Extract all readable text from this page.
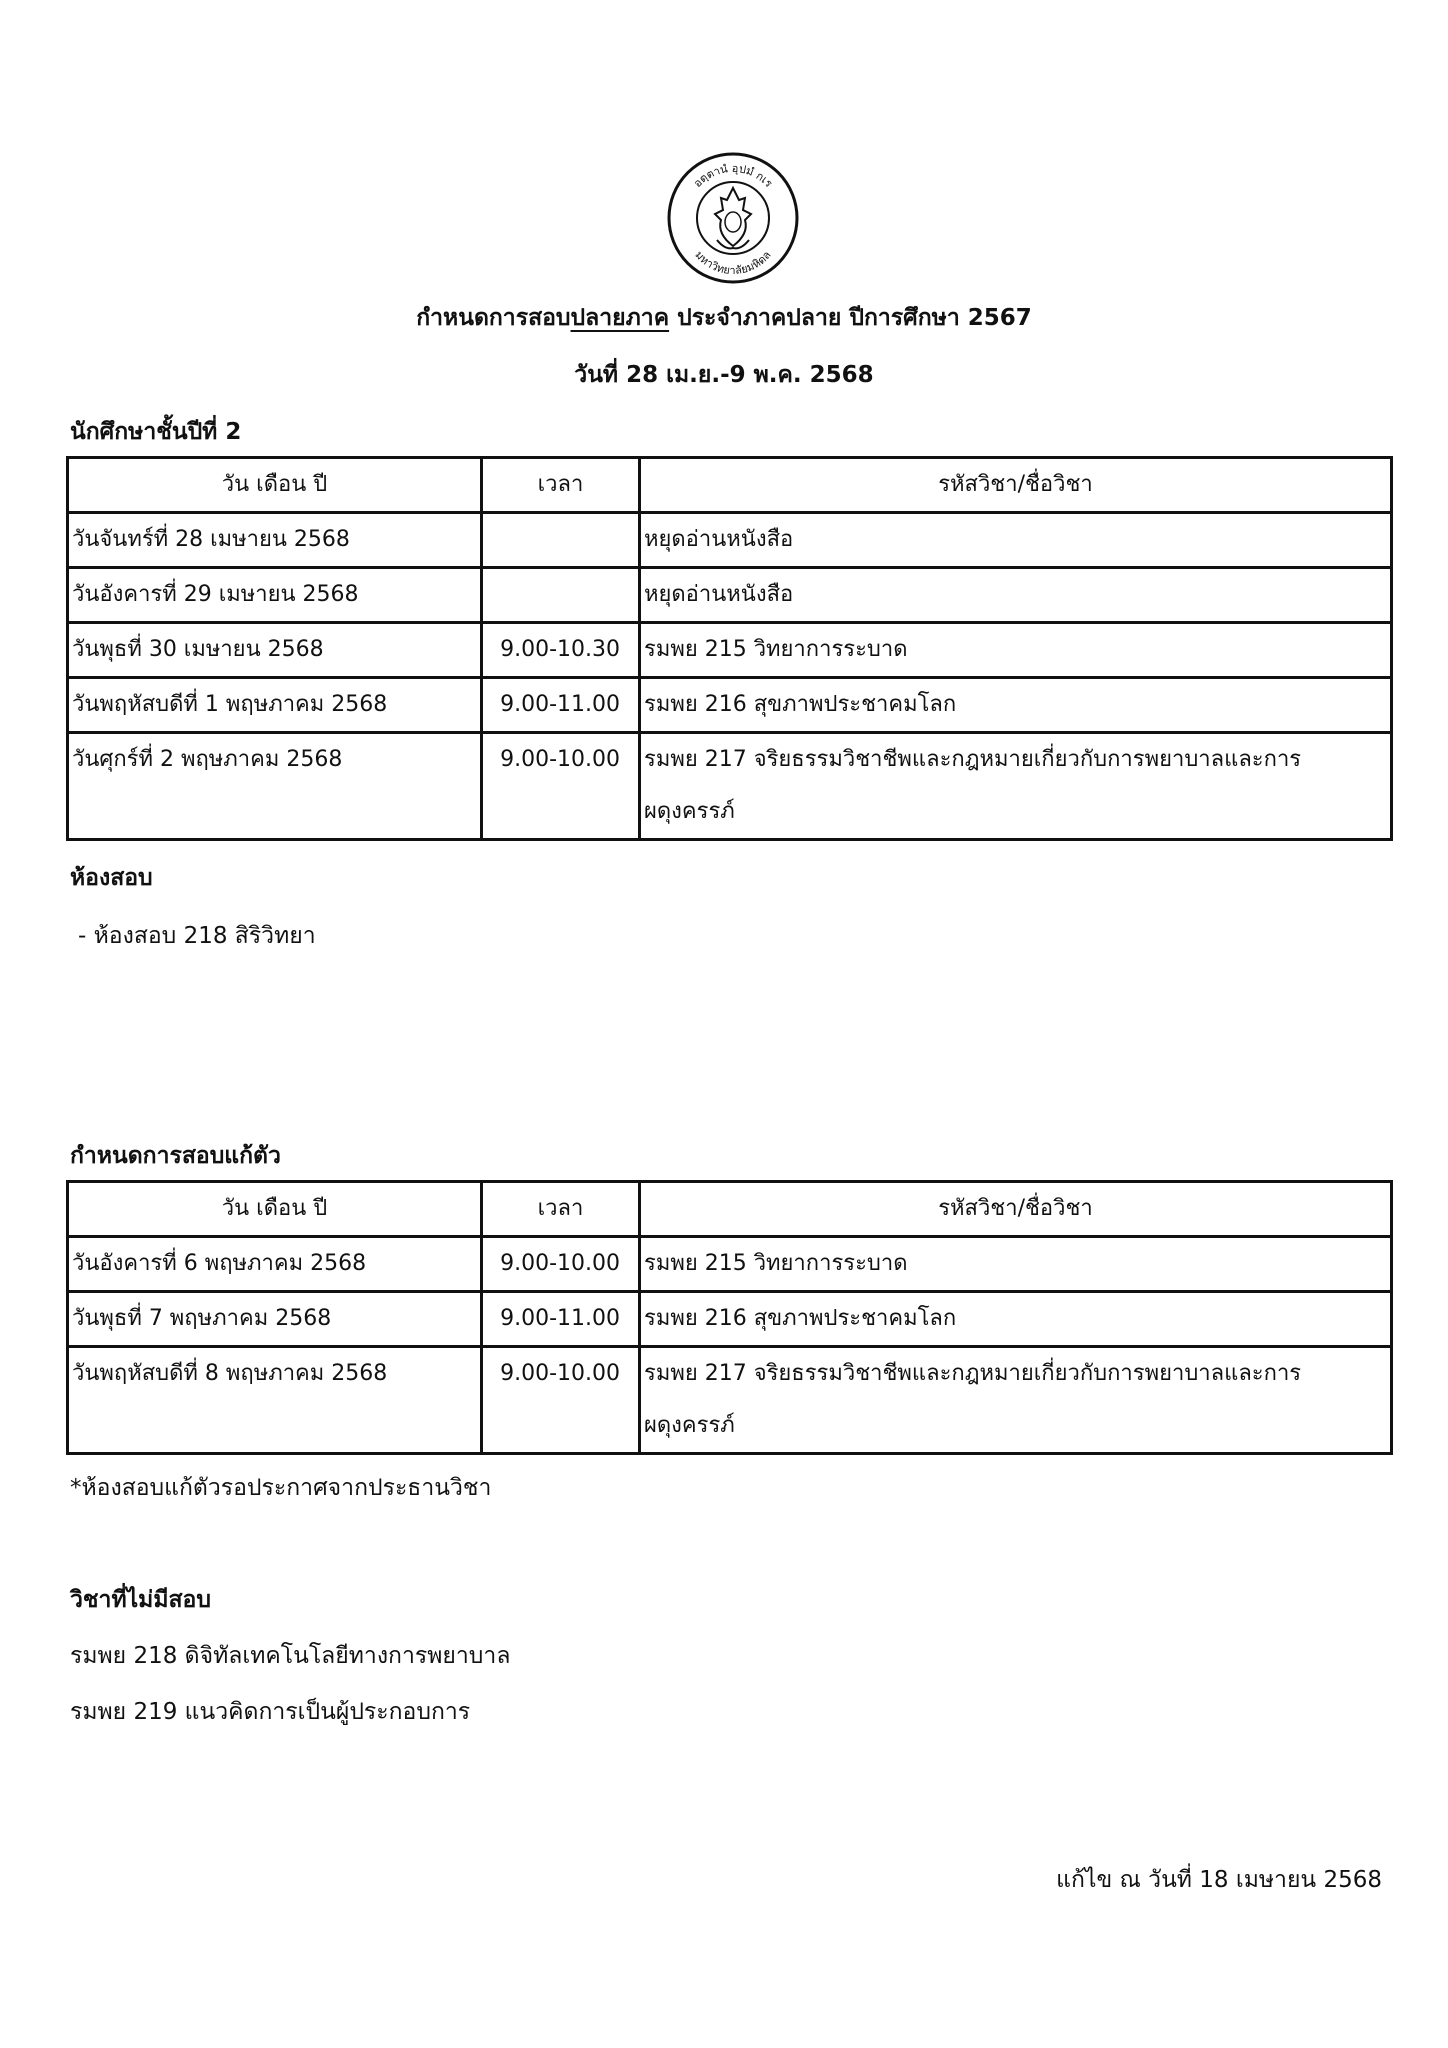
อตฺตานํ อุปมํ กเร
มหาวิทยาลัยมหิดล
กำหนดการสอบปลายภาค ประจำภาคปลาย ปีการศึกษา 2567
วันที่ 28 เม.ย.-9 พ.ค. 2568
นักศึกษาชั้นปีที่ 2
วัน เดือน ปี	เวลา	รหัสวิชา/ชื่อวิชา
วันจันทร์ที่ 28 เมษายน 2568		หยุดอ่านหนังสือ
วันอังคารที่ 29 เมษายน 2568		หยุดอ่านหนังสือ
วันพุธที่ 30 เมษายน 2568	9.00-10.30	รมพย 215 วิทยาการระบาด
วันพฤหัสบดีที่ 1 พฤษภาคม 2568	9.00-11.00	รมพย 216 สุขภาพประชาคมโลก
วันศุกร์ที่ 2 พฤษภาคม 2568	9.00-10.00	รมพย 217 จริยธรรมวิชาชีพและกฎหมายเกี่ยวกับการพยาบาลและการผดุงครรภ์
ห้องสอบ
- ห้องสอบ 218 สิริวิทยา
กำหนดการสอบแก้ตัว
วัน เดือน ปี	เวลา	รหัสวิชา/ชื่อวิชา
วันอังคารที่ 6 พฤษภาคม 2568	9.00-10.00	รมพย 215 วิทยาการระบาด
วันพุธที่ 7 พฤษภาคม 2568	9.00-11.00	รมพย 216 สุขภาพประชาคมโลก
วันพฤหัสบดีที่ 8 พฤษภาคม 2568	9.00-10.00	รมพย 217 จริยธรรมวิชาชีพและกฎหมายเกี่ยวกับการพยาบาลและการผดุงครรภ์
*ห้องสอบแก้ตัวรอประกาศจากประธานวิชา
วิชาที่ไม่มีสอบ
รมพย 218 ดิจิทัลเทคโนโลยีทางการพยาบาล
รมพย 219 แนวคิดการเป็นผู้ประกอบการ
แก้ไข ณ วันที่ 18 เมษายน 2568
